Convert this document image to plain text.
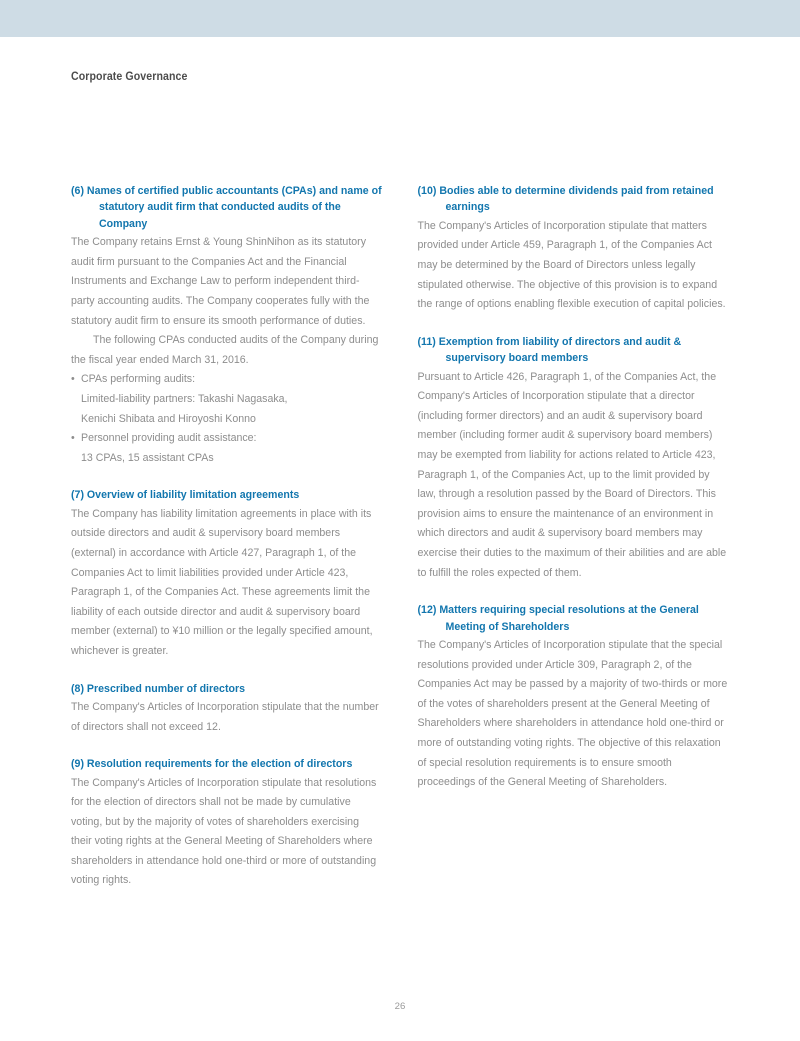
Corporate Governance
(6) Names of certified public accountants (CPAs) and name of statutory audit firm that conducted audits of the Company

The Company retains Ernst & Young ShinNihon as its statutory audit firm pursuant to the Companies Act and the Financial Instruments and Exchange Law to perform independent third-party accounting audits. The Company cooperates fully with the statutory audit firm to ensure its smooth performance of duties.

The following CPAs conducted audits of the Company during the fiscal year ended March 31, 2016.

• CPAs performing audits:
Limited-liability partners: Takashi Nagasaka,
Kenichi Shibata and Hiroyoshi Konno
• Personnel providing audit assistance:
13 CPAs, 15 assistant CPAs
(7) Overview of liability limitation agreements

The Company has liability limitation agreements in place with its outside directors and audit & supervisory board members (external) in accordance with Article 427, Paragraph 1, of the Companies Act to limit liabilities provided under Article 423, Paragraph 1, of the Companies Act. These agreements limit the liability of each outside director and audit & supervisory board member (external) to ¥10 million or the legally specified amount, whichever is greater.

(8) Prescribed number of directors

The Company's Articles of Incorporation stipulate that the number of directors shall not exceed 12.

(9) Resolution requirements for the election of directors

The Company's Articles of Incorporation stipulate that resolutions for the election of directors shall not be made by cumulative voting, but by the majority of votes of shareholders exercising their voting rights at the General Meeting of Shareholders where shareholders in attendance hold one-third or more of outstanding voting rights.

(10) Bodies able to determine dividends paid from retained earnings

The Company's Articles of Incorporation stipulate that matters provided under Article 459, Paragraph 1, of the Companies Act may be determined by the Board of Directors unless legally stipulated otherwise. The objective of this provision is to expand the range of options enabling flexible execution of capital policies.

(11) Exemption from liability of directors and audit & supervisory board members

Pursuant to Article 426, Paragraph 1, of the Companies Act, the Company's Articles of Incorporation stipulate that a director (including former directors) and an audit & supervisory board member (including former audit & supervisory board members) may be exempted from liability for actions related to Article 423, Paragraph 1, of the Companies Act, up to the limit provided by law, through a resolution passed by the Board of Directors. This provision aims to ensure the maintenance of an environment in which directors and audit & supervisory board members may exercise their duties to the maximum of their abilities and are able to fulfill the roles expected of them.

(12) Matters requiring special resolutions at the General Meeting of Shareholders

The Company's Articles of Incorporation stipulate that the special resolutions provided under Article 309, Paragraph 2, of the Companies Act may be passed by a majority of two-thirds or more of the votes of shareholders present at the General Meeting of Shareholders where shareholders in attendance hold one-third or more of outstanding voting rights. The objective of this relaxation of special resolution requirements is to ensure smooth proceedings of the General Meeting of Shareholders.

26
